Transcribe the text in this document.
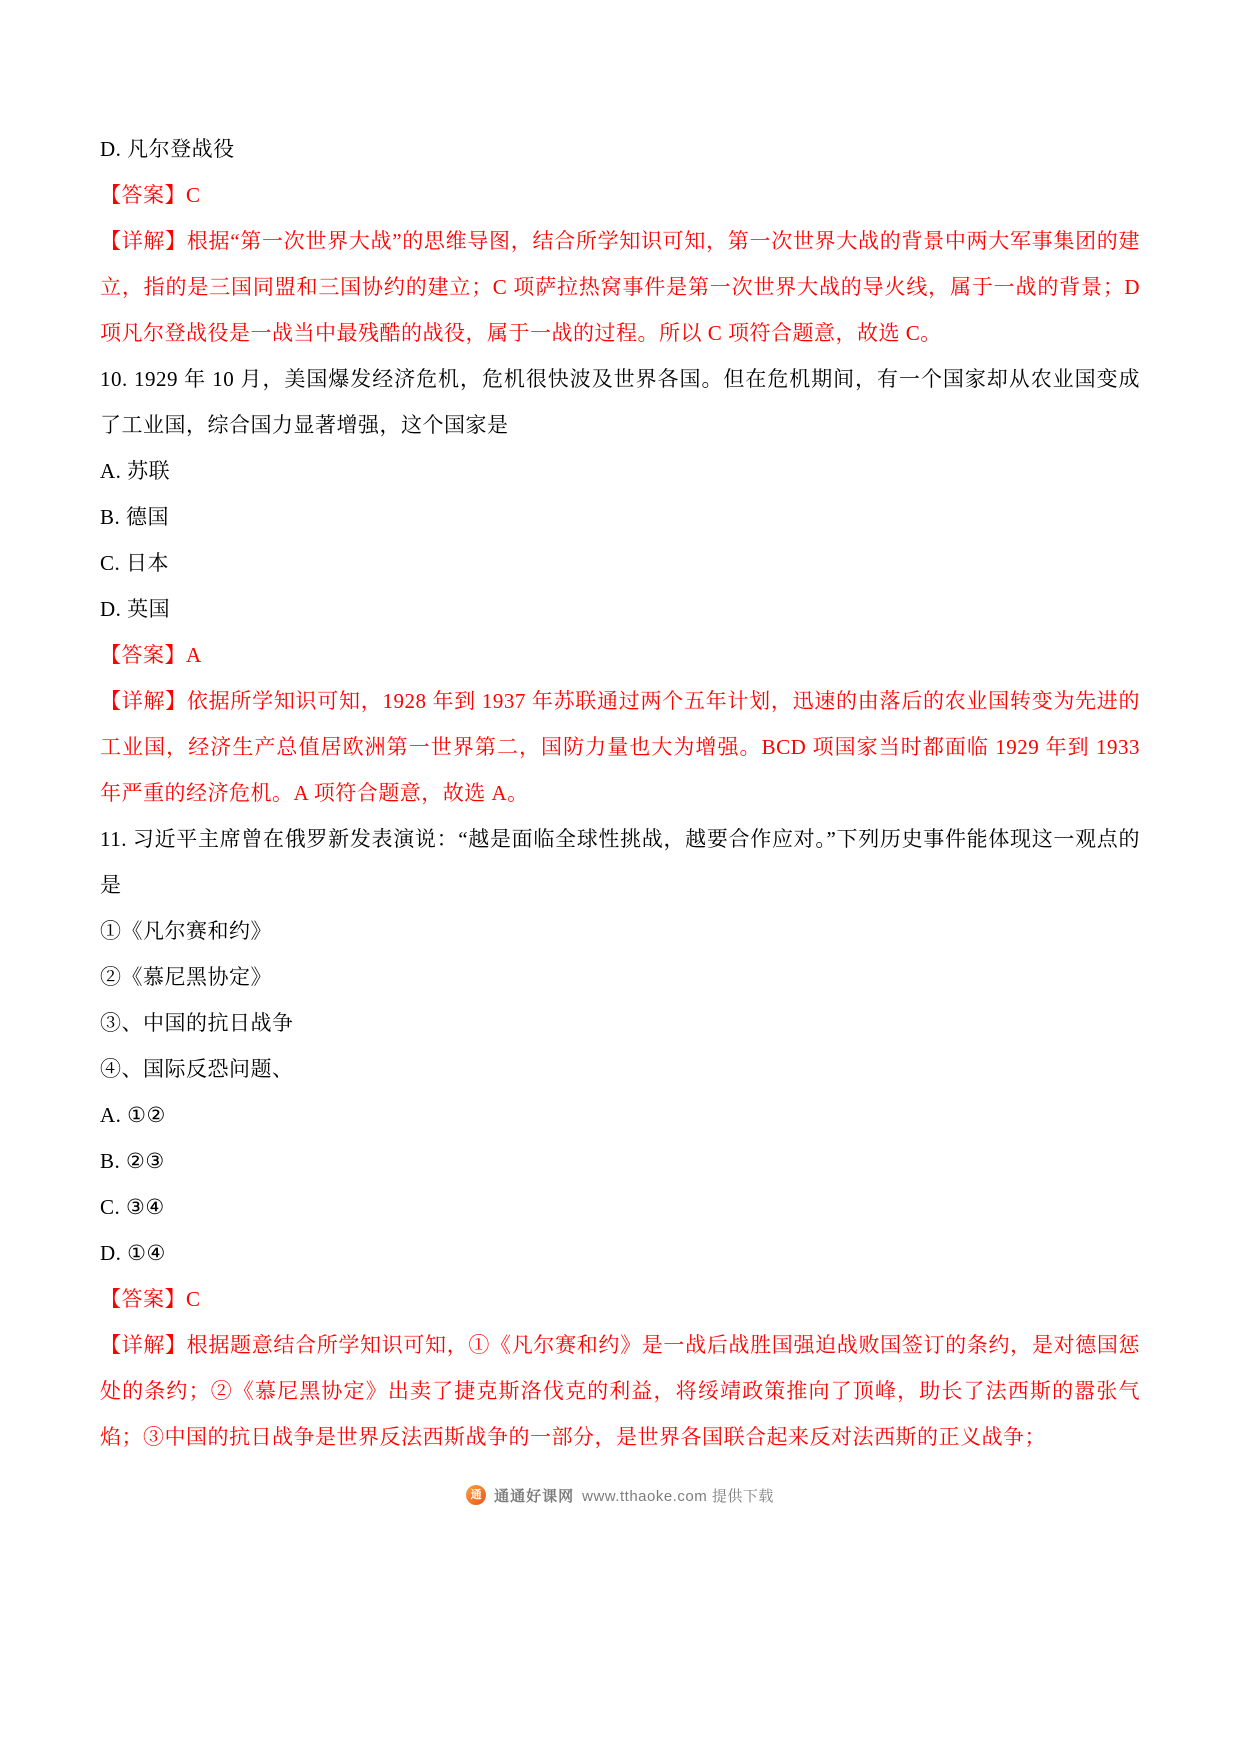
D. 凡尔登战役

【答案】C

【详解】根据“第一次世界大战”的思维导图，结合所学知识可知，第一次世界大战的背景中两大军事集团的建立，指的是三国同盟和三国协约的建立；C 项萨拉热窝事件是第一次世界大战的导火线，属于一战的背景；D 项凡尔登战役是一战当中最残酷的战役，属于一战的过程。所以 C 项符合题意，故选 C。

10. 1929 年 10 月，美国爆发经济危机，危机很快波及世界各国。但在危机期间，有一个国家却从农业国变成了工业国，综合国力显著增强，这个国家是

A. 苏联

B. 德国

C. 日本

D. 英国

【答案】A

【详解】依据所学知识可知，1928 年到 1937 年苏联通过两个五年计划，迅速的由落后的农业国转变为先进的工业国，经济生产总值居欧洲第一世界第二，国防力量也大为增强。BCD 项国家当时都面临 1929 年到 1933 年严重的经济危机。A 项符合题意，故选 A。

11. 习近平主席曾在俄罗新发表演说：“越是面临全球性挑战，越要合作应对。”下列历史事件能体现这一观点的是

①《凡尔赛和约》

②《慕尼黑协定》

③、中国的抗日战争

④、国际反恐问题、

A. ①②

B. ②③

C. ③④

D. ①④

【答案】C

【详解】根据题意结合所学知识可知，①《凡尔赛和约》是一战后战胜国强迫战败国签订的条约，是对德国惩处的条约；②《慕尼黑协定》出卖了捷克斯洛伐克的利益，将绥靖政策推向了顶峰，助长了法西斯的嚣张气焰；③中国的抗日战争是世界反法西斯战争的一部分，是世界各国联合起来反对法西斯的正义战争；

通 通通好课网 www.tthaoke.com 提供下载
